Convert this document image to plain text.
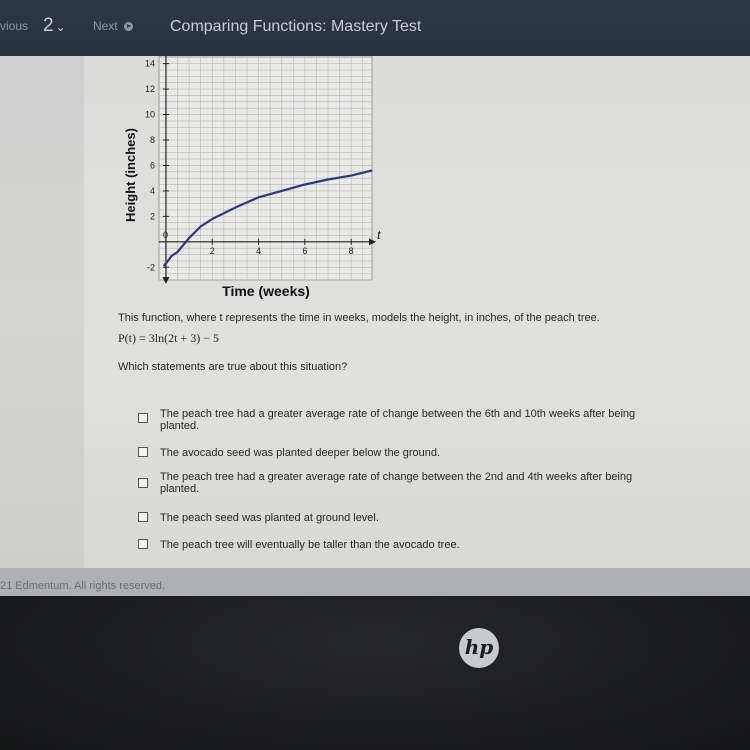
vious 2 ⌄ Next	Comparing Functions: Mastery Test
2	4	6	8
-2
2
4
6
8
10
12
14
Height (inches)
Time (weeks)
t
0
This function, where t represents the time in weeks, models the height, in inches, of the peach tree.
P(t) = 3ln(2t + 3) − 5
Which statements are true about this situation?
The peach tree had a greater average rate of change between the 6th and 10th weeks after being
planted.
The avocado seed was planted deeper below the ground.
The peach tree had a greater average rate of change between the 2nd and 4th weeks after being
planted.
The peach seed was planted at ground level.
The peach tree will eventually be taller than the avocado tree.
21 Edmentum. All rights reserved.
hp
